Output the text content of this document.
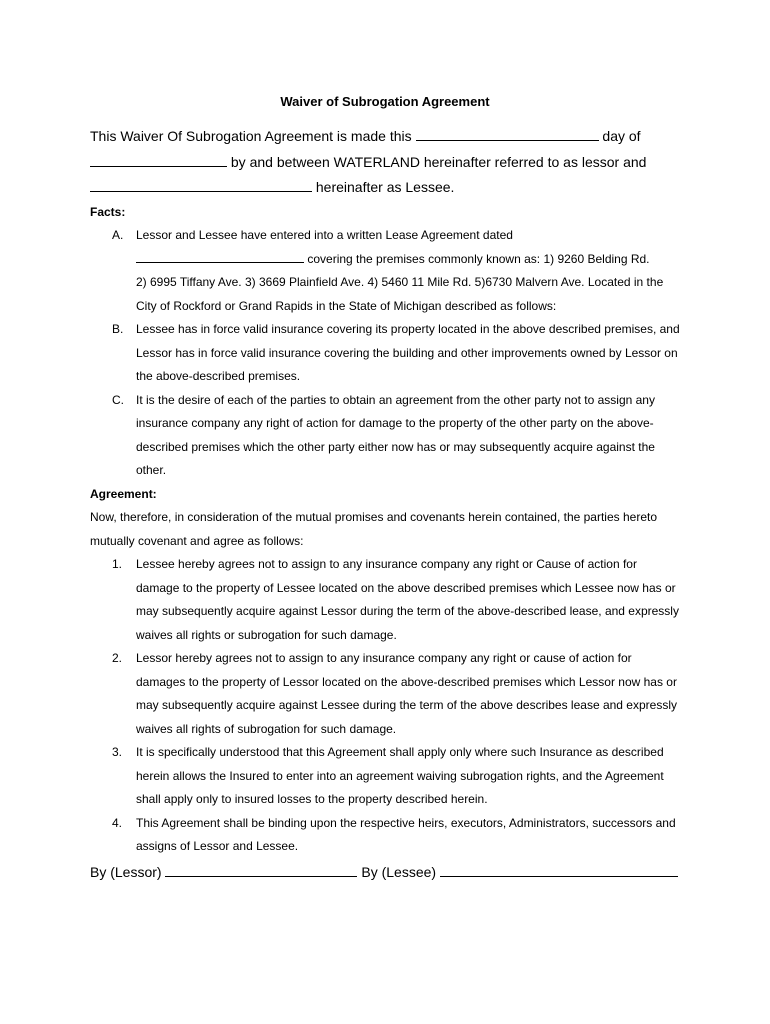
Waiver of Subrogation Agreement
This Waiver Of Subrogation Agreement is made this	day of
by and between WATERLAND hereinafter referred to as lessor and
hereinafter as Lessee.
Facts:
A.	Lessor and Lessee have entered into a written Lease Agreement dated
covering the premises commonly known as: 1) 9260 Belding Rd.
2) 6995 Tiffany Ave. 3) 3669 Plainfield Ave. 4) 5460 11 Mile Rd. 5)6730 Malvern Ave. Located in the City of Rockford or Grand Rapids in the State of Michigan described as follows:
B.	Lessee has in force valid insurance covering its property located in the above described premises, and Lessor has in force valid insurance covering the building and other improvements owned by Lessor on the above-described premises.
C.	It is the desire of each of the parties to obtain an agreement from the other party not to assign any insurance company any right of action for damage to the property of the other party on the above-described premises which the other party either now has or may subsequently acquire against the other.
Agreement:
Now, therefore, in consideration of the mutual promises and covenants herein contained, the parties hereto mutually covenant and agree as follows:
1.	Lessee hereby agrees not to assign to any insurance company any right or Cause of action for damage to the property of Lessee located on the above described premises which Lessee now has or may subsequently acquire against Lessor during the term of the above-described lease, and expressly waives all rights or subrogation for such damage.
2.	Lessor hereby agrees not to assign to any insurance company any right or cause of action for damages to the property of Lessor located on the above-described premises which Lessor now has or may subsequently acquire against Lessee during the term of the above describes lease and expressly waives all rights of subrogation for such damage.
3.	It is specifically understood that this Agreement shall apply only where such Insurance as described herein allows the Insured to enter into an agreement waiving subrogation rights, and the Agreement shall apply only to insured losses to the property described herein.
4.	This Agreement shall be binding upon the respective heirs, executors, Administrators, successors and assigns of Lessor and Lessee.
By (Lessor)	By (Lessee)
